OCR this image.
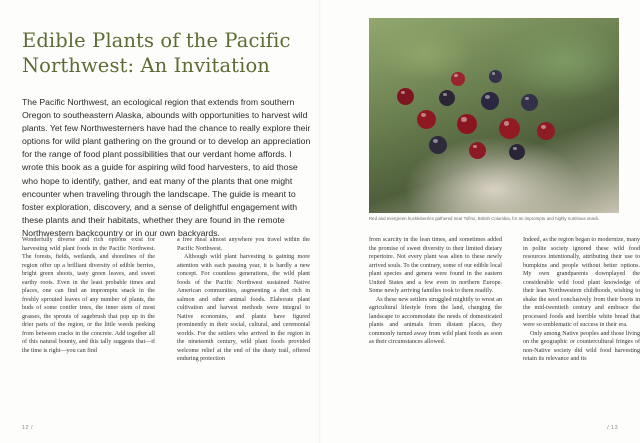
Edible Plants of the Pacific Northwest: An Invitation
The Pacific Northwest, an ecological region that extends from southern Oregon to southeastern Alaska, abounds with opportunities to harvest wild plants. Yet few Northwesterners have had the chance to really explore their options for wild plant gathering on the ground or to develop an appreciation for the range of food plant possibilities that our verdant home affords. I wrote this book as a guide for aspiring wild food harvesters, to aid those who hope to identify, gather, and eat many of the plants that one might encounter when traveling through the landscape. The guide is meant to foster exploration, discovery, and a sense of delightful engagement with these plants and their habitats, whether they are found in the remote Northwestern backcountry or in our own backyards.
Red and evergreen huckleberries gathered near Tofino, British Columbia, for an impromptu and highly nutritious snack.

Wonderfully diverse and rich options exist for harvesting wild plant foods in the Pacific Northwest. The forests, fields, wetlands, and shorelines of the region offer up a brilliant diversity of edible berries, bright green shoots, tasty green leaves, and sweet earthy roots. Even in the least probable times and places, one can find an impromptu snack in the freshly sprouted leaves of any number of plants, the buds of some conifer trees, the inner stem of most grasses, the sprouts of sagebrush that pop up in the drier parts of the region, or the little weeds peeking from between cracks in the concrete. Add together all of this natural bounty, and this tally suggests that—if the time is right—you can find

a free meal almost anywhere you travel within the Pacific Northwest.

Although wild plant harvesting is gaining more attention with each passing year, it is hardly a new concept. For countless generations, the wild plant foods of the Pacific Northwest sustained Native American communities, augmenting a diet rich in salmon and other animal foods. Elaborate plant cultivation and harvest methods were integral to Native economies, and plants have figured prominently in their social, cultural, and ceremonial worlds. For the settlers who arrived in the region in the nineteenth century, wild plant foods provided welcome relief at the end of the dusty trail, offered enduring protection

from scarcity in the lean times, and sometimes added the promise of sweet diversity to their limited dietary repertoire. Not every plant was alien to these newly arrived souls. To the contrary, some of our edible local plant species and genera were found in the eastern United States and a few even in northern Europe. Some newly arriving families took to them readily.

As these new settlers struggled mightily to wrest an agricultural lifestyle from the land, changing the landscape to accommodate the needs of domesticated plants and animals from distant places, they commonly turned away from wild plant foods as soon as their circumstances allowed.

Indeed, as the region began to modernize, many in polite society ignored these wild food resources intentionally, attributing their use to bumpkins and people without better options. My own grandparents downplayed the considerable wild food plant knowledge of their lean Northwestern childhoods, wishing to shake the seed conclusively from their boots in the mid-twentieth century and embrace the processed foods and horrible white bread that were so emblematic of success in their era.

Only among Native peoples and those living on the geographic or countercultural fringes of non-Native society did wild food harvesting retain its relevance and its

12 /	/ 13
